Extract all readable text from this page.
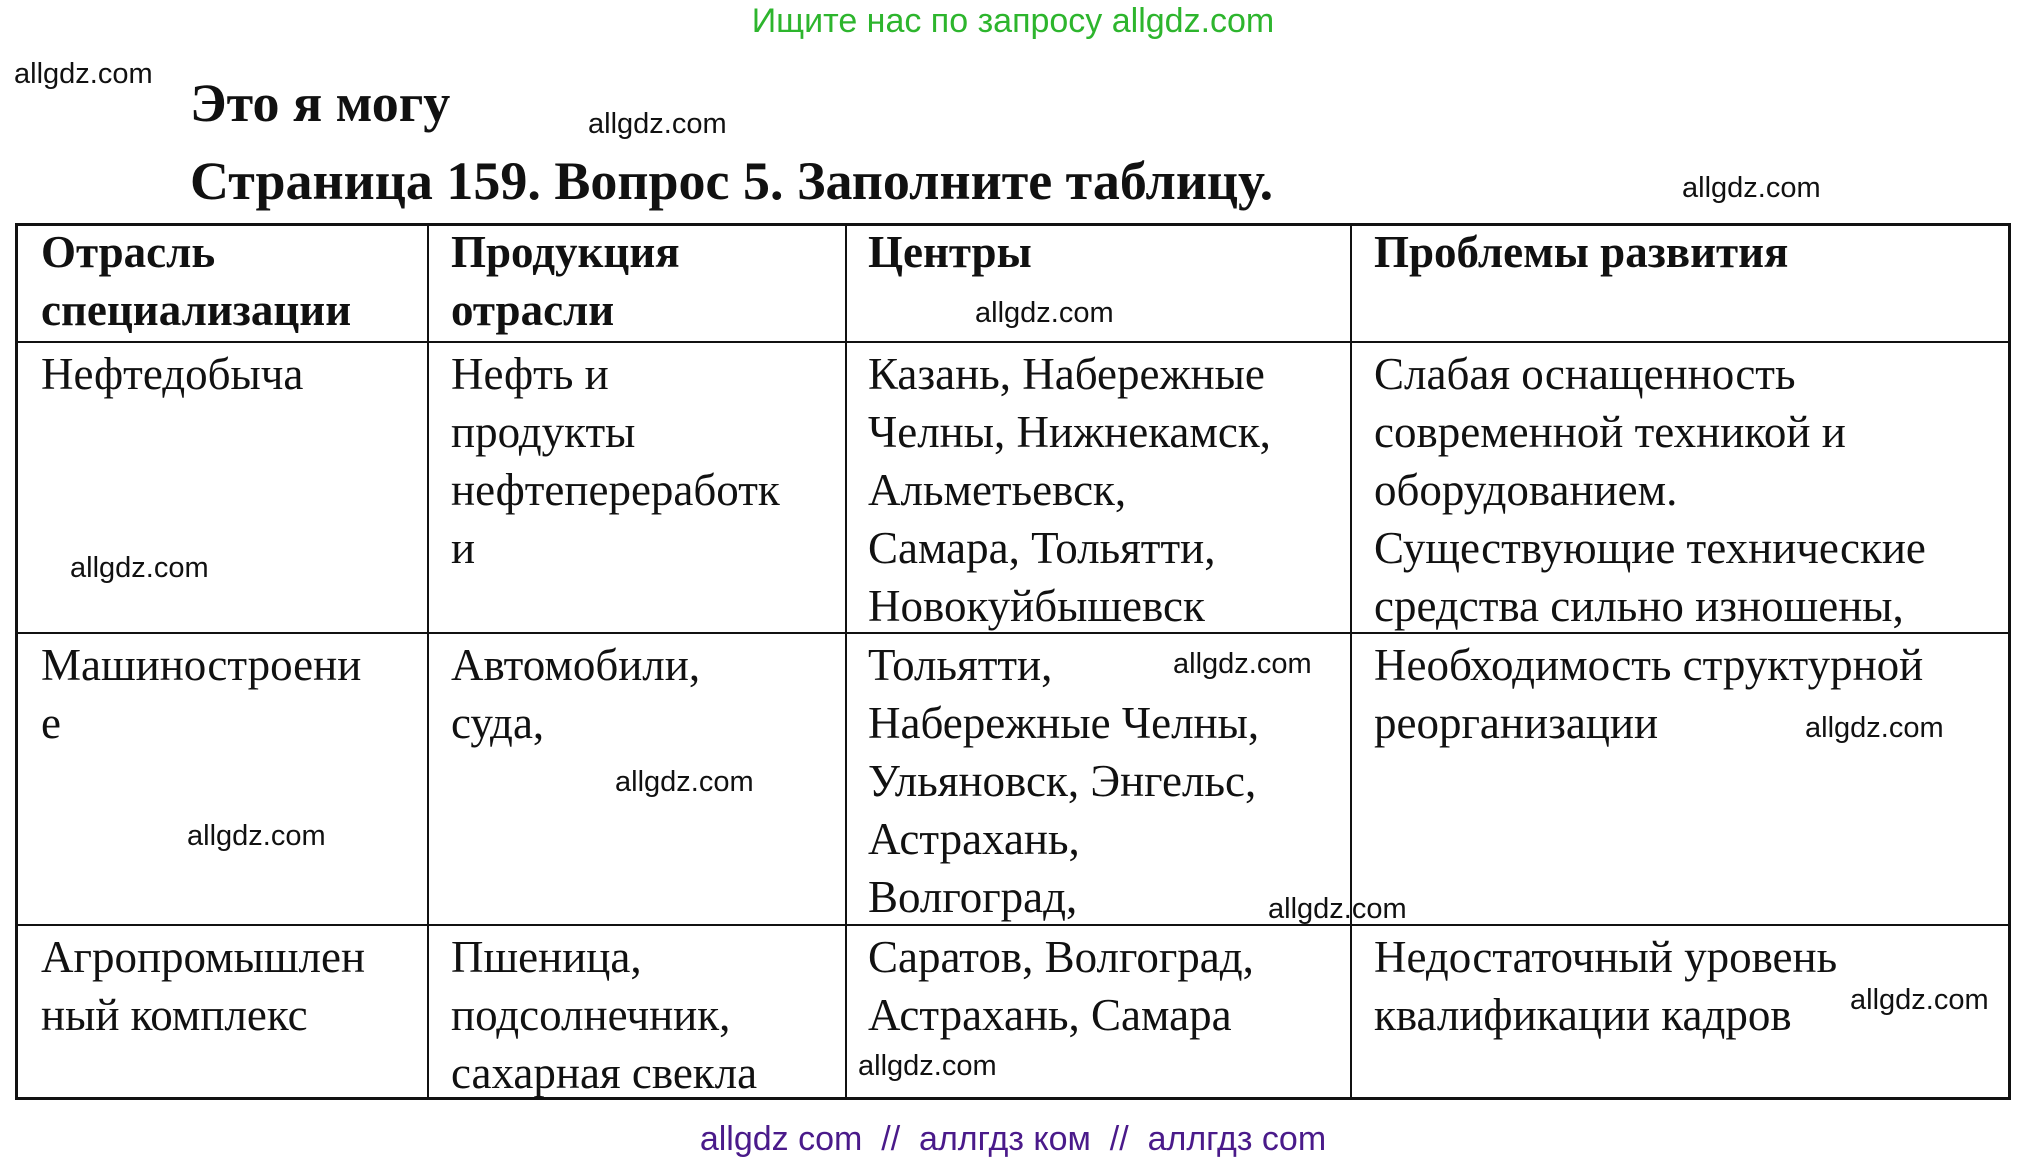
Ищите нас по запросу allgdz.com
Это я могу
Страница 159. Вопрос 5. Заполните таблицу.
allgdz.com
allgdz.com
allgdz.com
allgdz.com
allgdz.com
allgdz.com
allgdz.com
allgdz.com
allgdz.com
allgdz.com
allgdz.com
allgdz.com
Отрасль
специализации
Продукция
отрасли
Центры	Проблемы развития
Нефтедобыча	Нефть и
продукты
нефтепереработк
и
Казань, Набережные
Челны, Нижнекамск,
Альметьевск,
Самара, Тольятти,
Новокуйбышевск
Слабая оснащенность
современной техникой и
оборудованием.
Существующие технические
средства сильно изношены,
Машиностроени
е
Автомобили,
суда,
Тольятти,
Набережные Челны,
Ульяновск, Энгельс,
Астрахань,
Волгоград,
Необходимость структурной
реорганизации
Агропромышлен
ный комплекс
Пшеница,
подсолнечник,
сахарная свекла
Саратов, Волгоград,
Астрахань, Самара
Недостаточный уровень
квалификации кадров
allgdz com  //  аллгдз ком  //  аллгдз com
